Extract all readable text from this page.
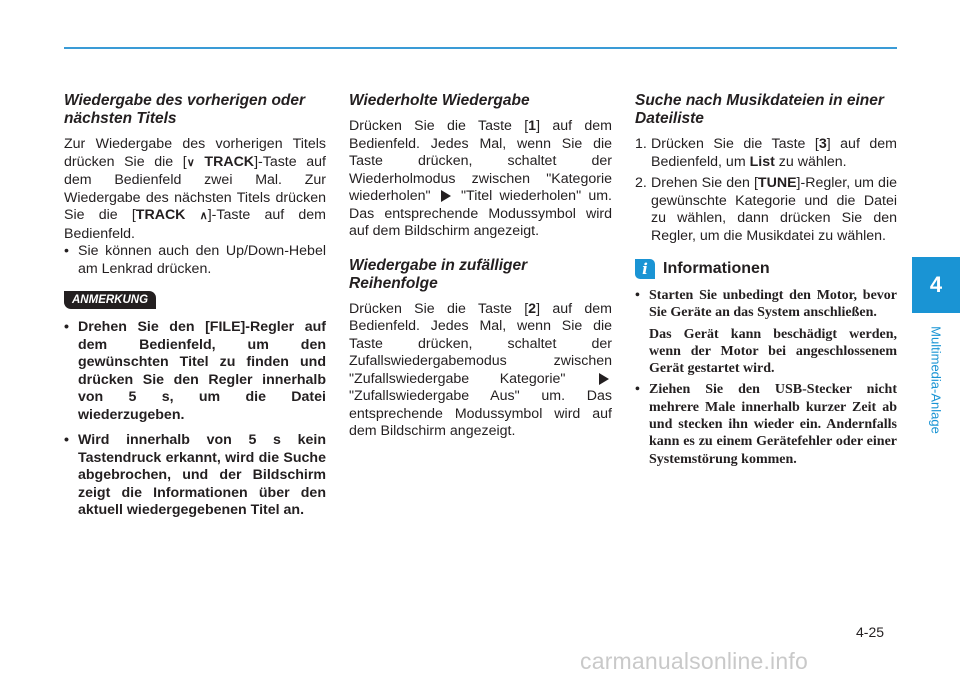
4
Multimedia-Anlage
Wiedergabe des vorherigen oder nächsten Titels

Zur Wiedergabe des vorherigen Titels drücken Sie die [∨ TRACK]-Taste auf dem Bedienfeld zwei Mal. Zur Wiedergabe des nächsten Titels drücken Sie die [TRACK ∧]-Taste auf dem Bedienfeld.

• Sie können auch den Up/Down-Hebel am Lenkrad drücken.
ANMERKUNG
• Drehen Sie den [FILE]-Regler auf dem Bedienfeld, um den gewünschten Titel zu finden und drücken Sie den Regler innerhalb von 5 s, um die Datei wiederzugeben.
• Wird innerhalb von 5 s kein Tastendruck erkannt, wird die Suche abgebrochen, und der Bildschirm zeigt die Informationen über den aktuell wiedergegebenen Titel an.
Wiederholte Wiedergabe

Drücken Sie die Taste [1] auf dem Bedienfeld. Jedes Mal, wenn Sie die Taste drücken, schaltet der Wiederholmodus zwischen "Kategorie wiederholen" "Titel wiederholen" um. Das entsprechende Modussymbol wird auf dem Bildschirm angezeigt.

Wiedergabe in zufälliger Reihenfolge

Drücken Sie die Taste [2] auf dem Bedienfeld. Jedes Mal, wenn Sie die Taste drücken, schaltet der Zufallswiedergabemodus zwischen "Zufallswiedergabe Kategorie"  "Zufallswiedergabe Aus" um. Das entsprechende Modussymbol wird auf dem Bildschirm angezeigt.

Suche nach Musikdateien in einer Dateiliste
1. Drücken Sie die Taste [3] auf dem Bedienfeld, um List zu wählen.
2. Drehen Sie den [TUNE]-Regler, um die gewünschte Kategorie und die Datei zu wählen, dann drücken Sie den Regler, um die Musikdatei zu wählen.
i Informationen
• Starten Sie unbedingt den Motor, bevor Sie Geräte an das System anschließen.
Das Gerät kann beschädigt werden, wenn der Motor bei angeschlossenem Gerät gestartet wird.
• Ziehen Sie den USB-Stecker nicht mehrere Male innerhalb kurzer Zeit ab und stecken ihn wieder ein. Andernfalls kann es zu einem Gerätefehler oder einer Systemstörung kommen.
4-25
carmanualsonline.info
